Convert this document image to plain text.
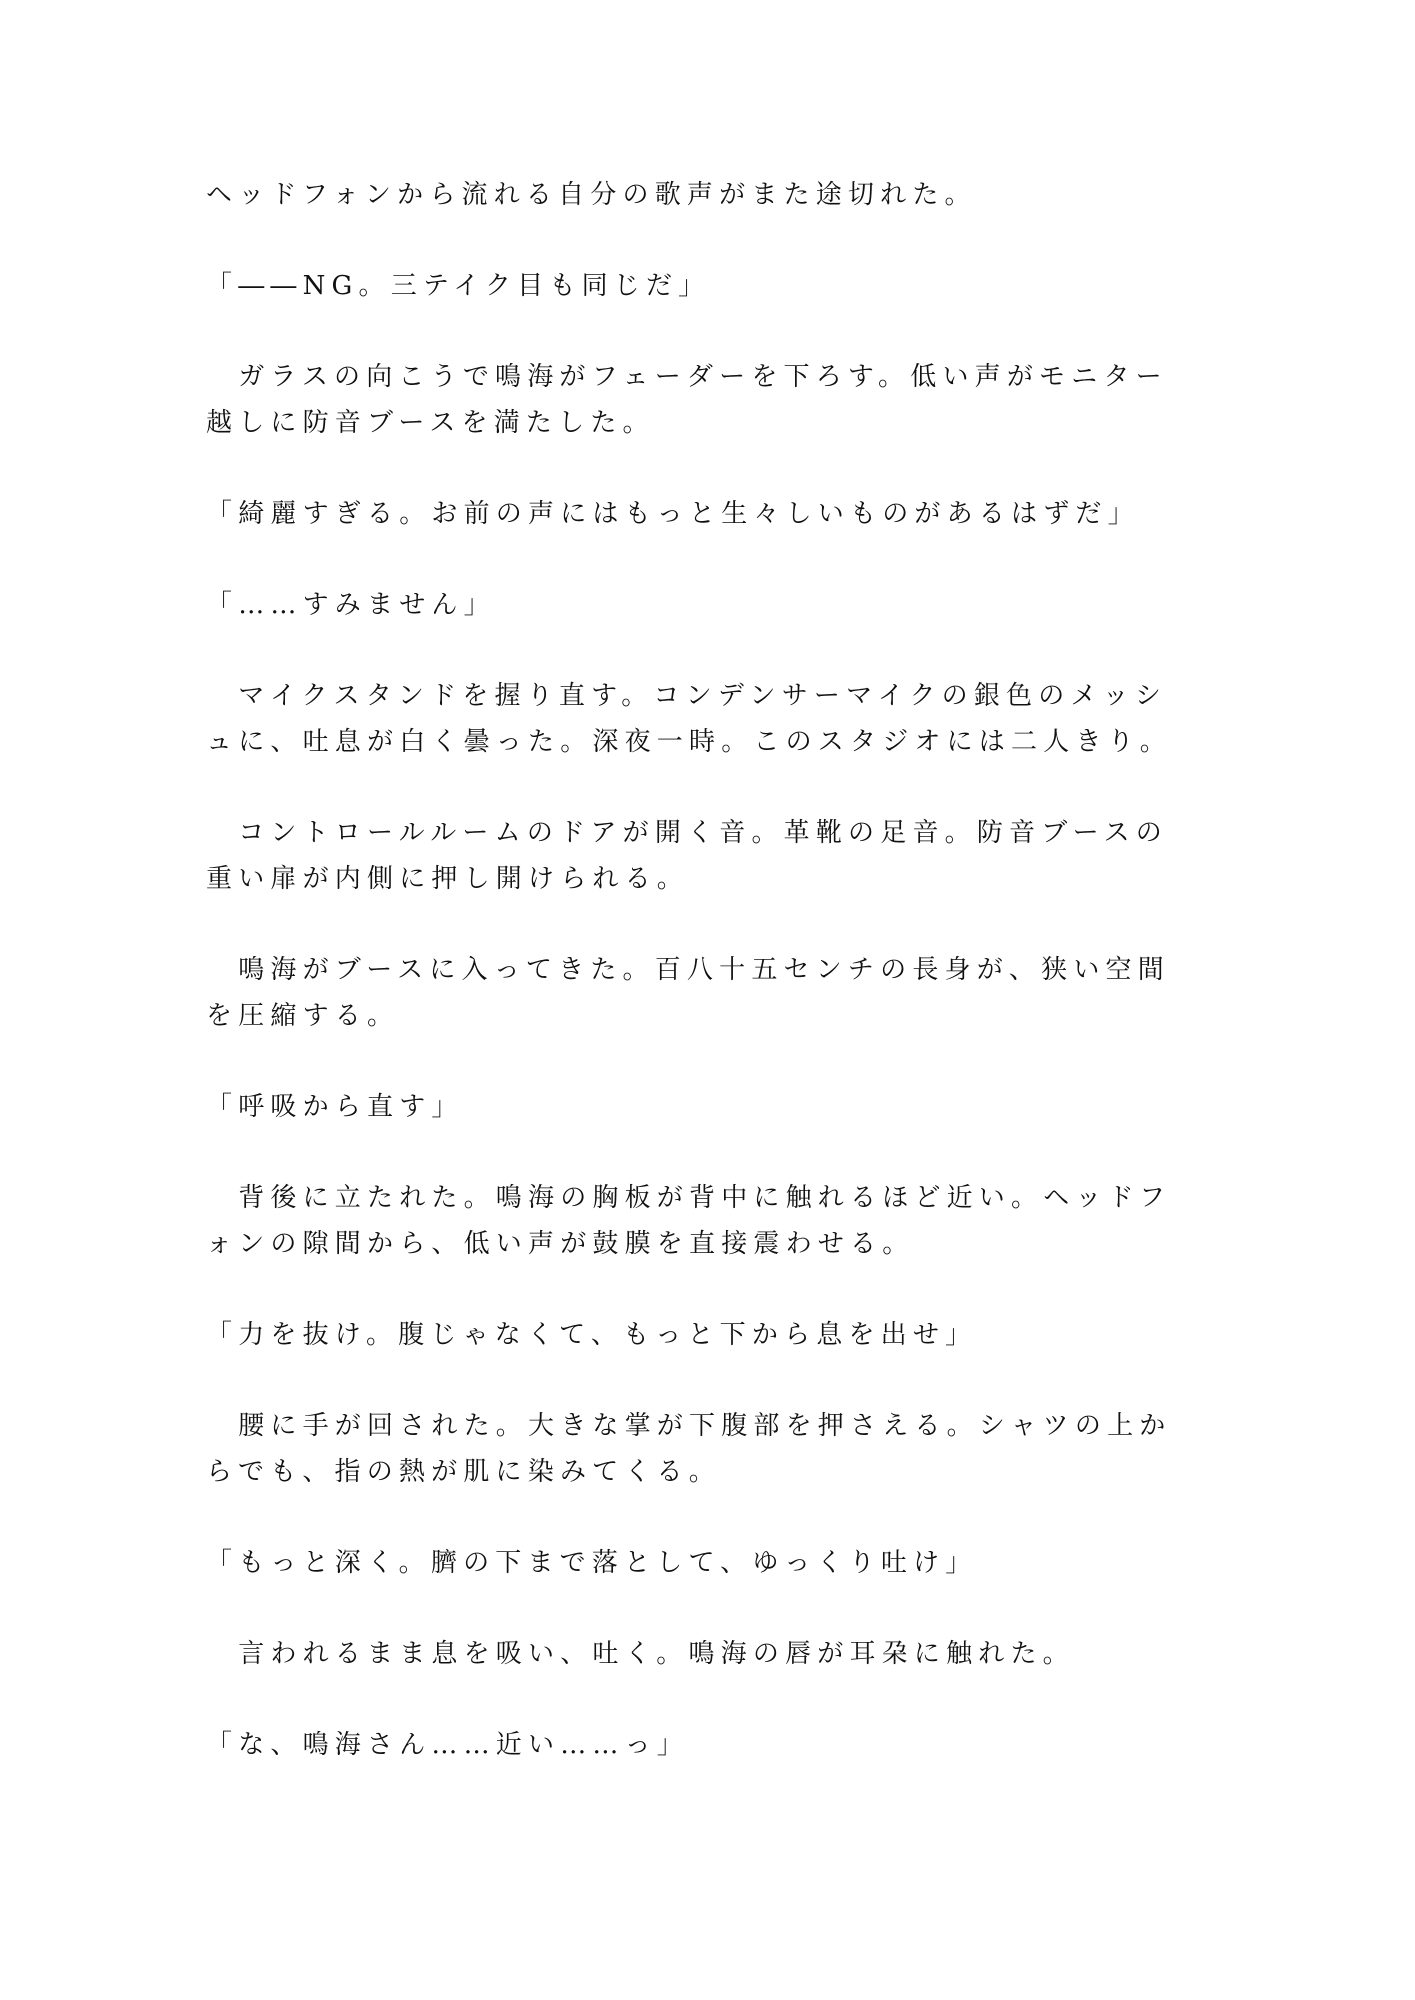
ヘッドフォンから流れる自分の歌声がまた途切れた。
「――NG。三テイク目も同じだ」
　ガラスの向こうで鳴海がフェーダーを下ろす。低い声がモニター
越しに防音ブースを満たした。
「綺麗すぎる。お前の声にはもっと生々しいものがあるはずだ」
「……すみません」
　マイクスタンドを握り直す。コンデンサーマイクの銀色のメッシ
ュに、吐息が白く曇った。深夜一時。このスタジオには二人きり。
　コントロールルームのドアが開く音。革靴の足音。防音ブースの
重い扉が内側に押し開けられる。
　鳴海がブースに入ってきた。百八十五センチの長身が、狭い空間
を圧縮する。
「呼吸から直す」
　背後に立たれた。鳴海の胸板が背中に触れるほど近い。ヘッドフ
ォンの隙間から、低い声が鼓膜を直接震わせる。
「力を抜け。腹じゃなくて、もっと下から息を出せ」
　腰に手が回された。大きな掌が下腹部を押さえる。シャツの上か
らでも、指の熱が肌に染みてくる。
「もっと深く。臍の下まで落として、ゆっくり吐け」
　言われるまま息を吸い、吐く。鳴海の唇が耳朶に触れた。
「な、鳴海さん……近い……っ」
